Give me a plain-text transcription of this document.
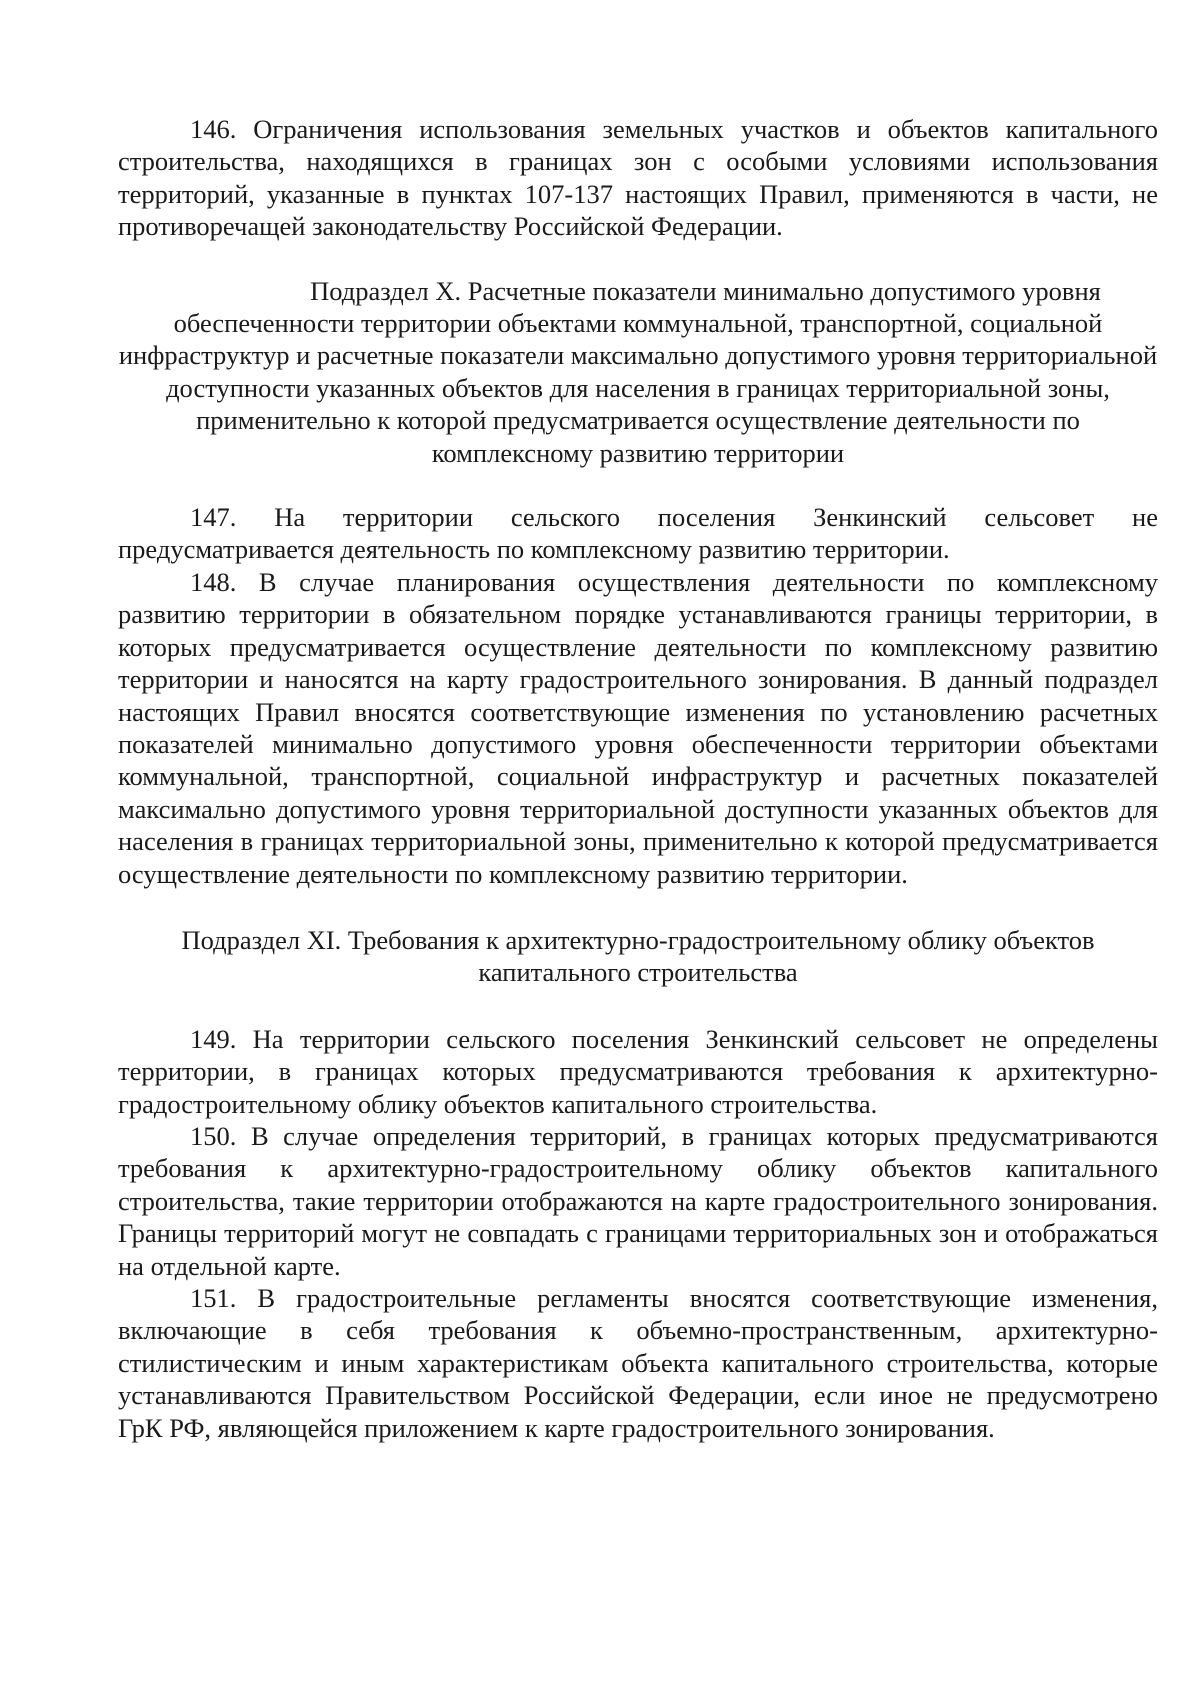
146. Ограничения использования земельных участков и объектов капитального строительства, находящихся в границах зон с особыми условиями использования территорий, указанные в пунктах 107-137 настоящих Правил, применяются в части, не противоречащей законодательству Российской Федерации.

Подраздел X. Расчетные показатели минимально допустимого уровня обеспеченности территории объектами коммунальной, транспортной, социальной инфраструктур и расчетные показатели максимально допустимого уровня территориальной доступности указанных объектов для населения в границах территориальной зоны, применительно к которой предусматривается осуществление деятельности по комплексному развитию территории

147. На территории сельского поселения Зенкинский сельсовет не предусматривается деятельность по комплексному развитию территории.

148. В случае планирования осуществления деятельности по комплексному развитию территории в обязательном порядке устанавливаются границы территории, в которых предусматривается осуществление деятельности по комплексному развитию территории и наносятся на карту градостроительного зонирования. В данный подраздел настоящих Правил вносятся соответствующие изменения по установлению расчетных показателей минимально допустимого уровня обеспеченности территории объектами коммунальной, транспортной, социальной инфраструктур и расчетных показателей максимально допустимого уровня территориальной доступности указанных объектов для населения в границах территориальной зоны, применительно к которой предусматривается осуществление деятельности по комплексному развитию территории.

Подраздел XI. Требования к архитектурно-градостроительному облику объектов капитального строительства

149. На территории сельского поселения Зенкинский сельсовет не определены территории, в границах которых предусматриваются требования к архитектурно-градостроительному облику объектов капитального строительства.

150. В случае определения территорий, в границах которых предусматриваются требования к архитектурно-градостроительному облику объектов капитального строительства, такие территории отображаются на карте градостроительного зонирования. Границы территорий могут не совпадать с границами территориальных зон и отображаться на отдельной карте.

151. В градостроительные регламенты вносятся соответствующие изменения, включающие в себя требования к объемно-пространственным, архитектурно-стилистическим и иным характеристикам объекта капитального строительства, которые устанавливаются Правительством Российской Федерации, если иное не предусмотрено ГрК РФ, являющейся приложением к карте градостроительного зонирования.
